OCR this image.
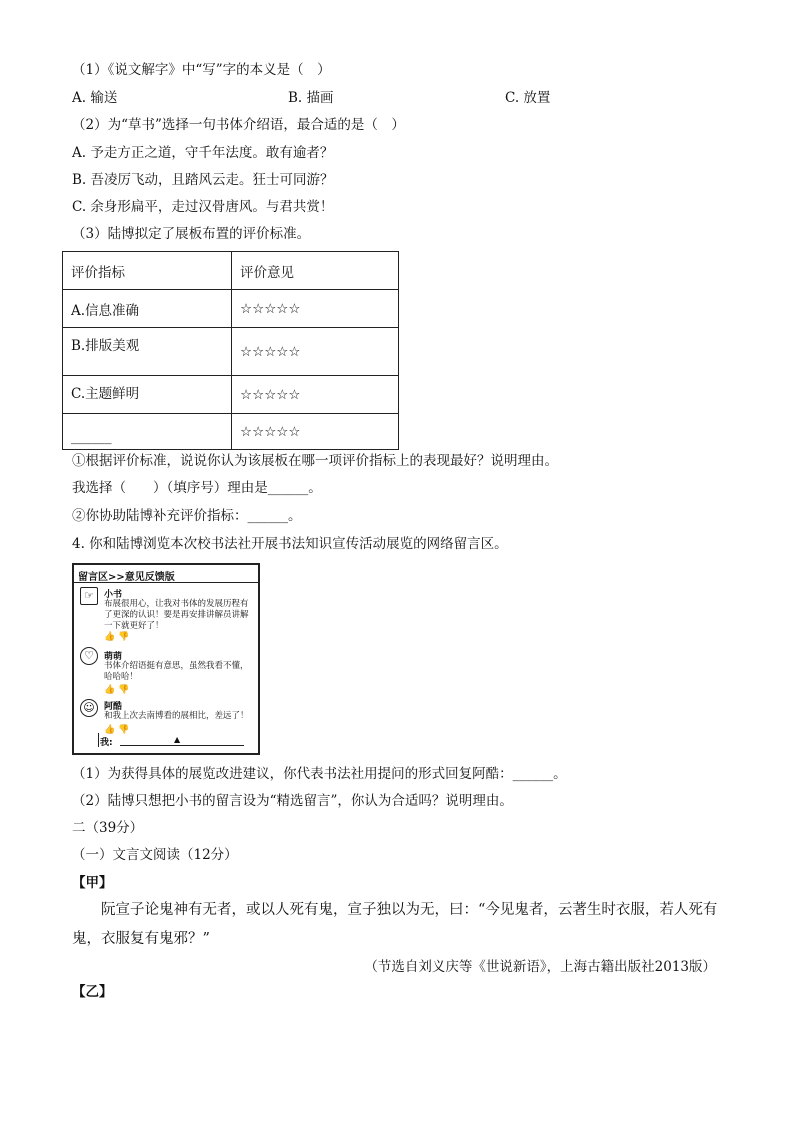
（1）《说文解字》中“写”字的本义是（　）
A. 输送	B. 描画	C. 放置
（2）为“草书”选择一句书体介绍语，最合适的是（　）
A. 予走方正之道，守千年法度。敢有逾者？
B. 吾凌厉飞动，且踏风云走。狂士可同游？
C. 余身形扁平，走过汉骨唐风。与君共赏！
（3）陆博拟定了展板布置的评价标准。
评价指标	评价意见
A.信息准确	☆☆☆☆☆
B.排版美观	☆☆☆☆☆
C.主题鲜明	☆☆☆☆☆
______	☆☆☆☆☆
①根据评价标准，说说你认为该展板在哪一项评价指标上的表现最好？说明理由。
我选择（　　）（填序号）理由是______。
②你协助陆博补充评价指标：______。
4. 你和陆博浏览本次校书法社开展书法知识宣传活动展览的网络留言区。
留言区>>意见反馈版
☞	小书
布展很用心，让我对书体的发展历程有了更深的认识！要是再安排讲解员讲解一下就更好了！
👍 👎
♡	萌萌
书体介绍语挺有意思，虽然我看不懂，哈哈哈！
👍 👎
☺	阿酷
和我上次去南博看的展相比，差远了！
👍 👎
我:	▲
（1）为获得具体的展览改进建议，你代表书法社用提问的形式回复阿酷：______。
（2）陆博只想把小书的留言设为“精选留言”，你认为合适吗？说明理由。
二（39分）
（一）文言文阅读（12分）
【甲】
阮宣子论鬼神有无者，或以人死有鬼，宣子独以为无，曰：“今见鬼者，云著生时衣服，若人死有鬼，衣服复有鬼邪？”
（节选自刘义庆等《世说新语》，上海古籍出版社2013版）
【乙】
